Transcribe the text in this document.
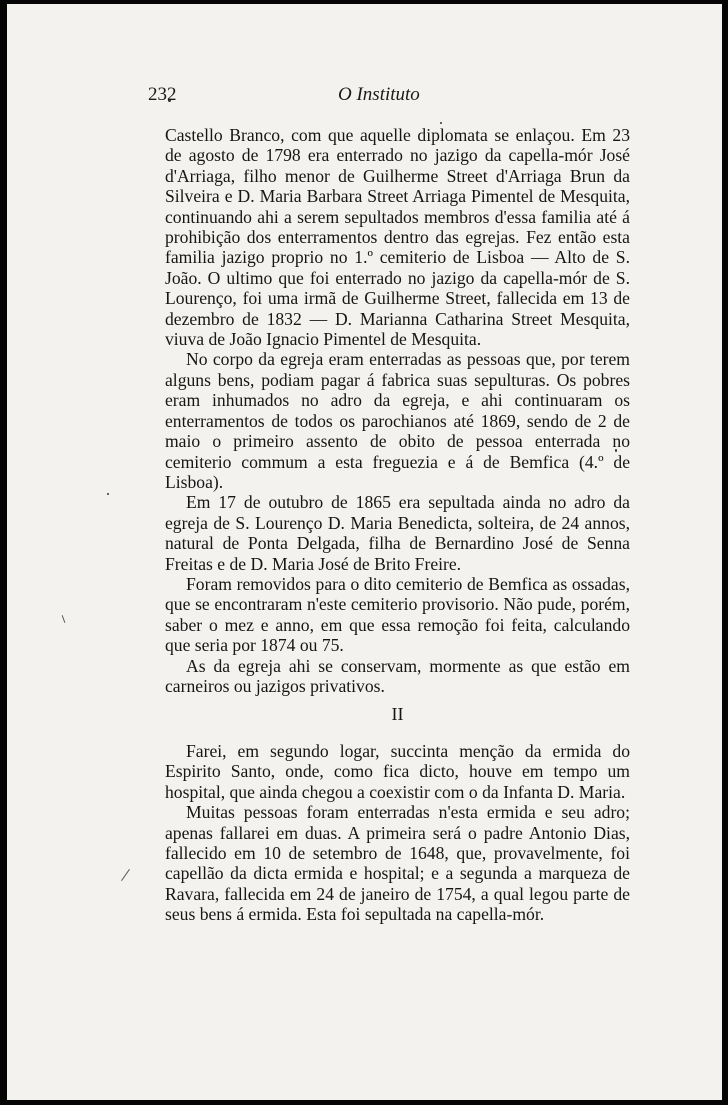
232	O Instituto

Castello Branco, com que aquelle diplomata se enlaçou. Em 23 de agosto de 1798 era enterrado no jazigo da capella-mór José d'Arriaga, filho menor de Guilherme Street d'Arriaga Brun da Silveira e D. Maria Barbara Street Arriaga Pimentel de Mesquita, continuando ahi a serem sepultados membros d'essa familia até á prohibição dos enterramentos dentro das egrejas. Fez então esta familia jazigo proprio no 1.º cemiterio de Lisboa — Alto de S. João. O ultimo que foi enterrado no jazigo da capella-mór de S. Lourenço, foi uma irmã de Guilherme Street, fallecida em 13 de dezembro de 1832 — D. Marianna Catharina Street Mesquita, viuva de João Ignacio Pimentel de Mesquita.

No corpo da egreja eram enterradas as pessoas que, por terem alguns bens, podiam pagar á fabrica suas sepulturas. Os pobres eram inhumados no adro da egreja, e ahi continuaram os enterramentos de todos os parochianos até 1869, sendo de 2 de maio o primeiro assento de obito de pessoa enterrada no cemiterio commum a esta freguezia e á de Bemfica (4.º de Lisboa).

Em 17 de outubro de 1865 era sepultada ainda no adro da egreja de S. Lourenço D. Maria Benedicta, solteira, de 24 annos, natural de Ponta Delgada, filha de Bernardino José de Senna Freitas e de D. Maria José de Brito Freire.

Foram removidos para o dito cemiterio de Bemfica as ossadas, que se encontraram n'este cemiterio provisorio. Não pude, porém, saber o mez e anno, em que essa remoção foi feita, calculando que seria por 1874 ou 75.

As da egreja ahi se conservam, mormente as que estão em carneiros ou jazigos privativos.

II

Farei, em segundo logar, succinta menção da ermida do Espirito Santo, onde, como fica dicto, houve em tempo um hospital, que ainda chegou a coexistir com o da Infanta D. Maria.

Muitas pessoas foram enterradas n'esta ermida e seu adro; apenas fallarei em duas. A primeira será o padre Antonio Dias, fallecido em 10 de setembro de 1648, que, provavelmente, foi capellão da dicta ermida e hospital; e a segunda a marqueza de Ravara, fallecida em 24 de janeiro de 1754, a qual legou parte de seus bens á ermida. Esta foi sepultada na capella-mór.
